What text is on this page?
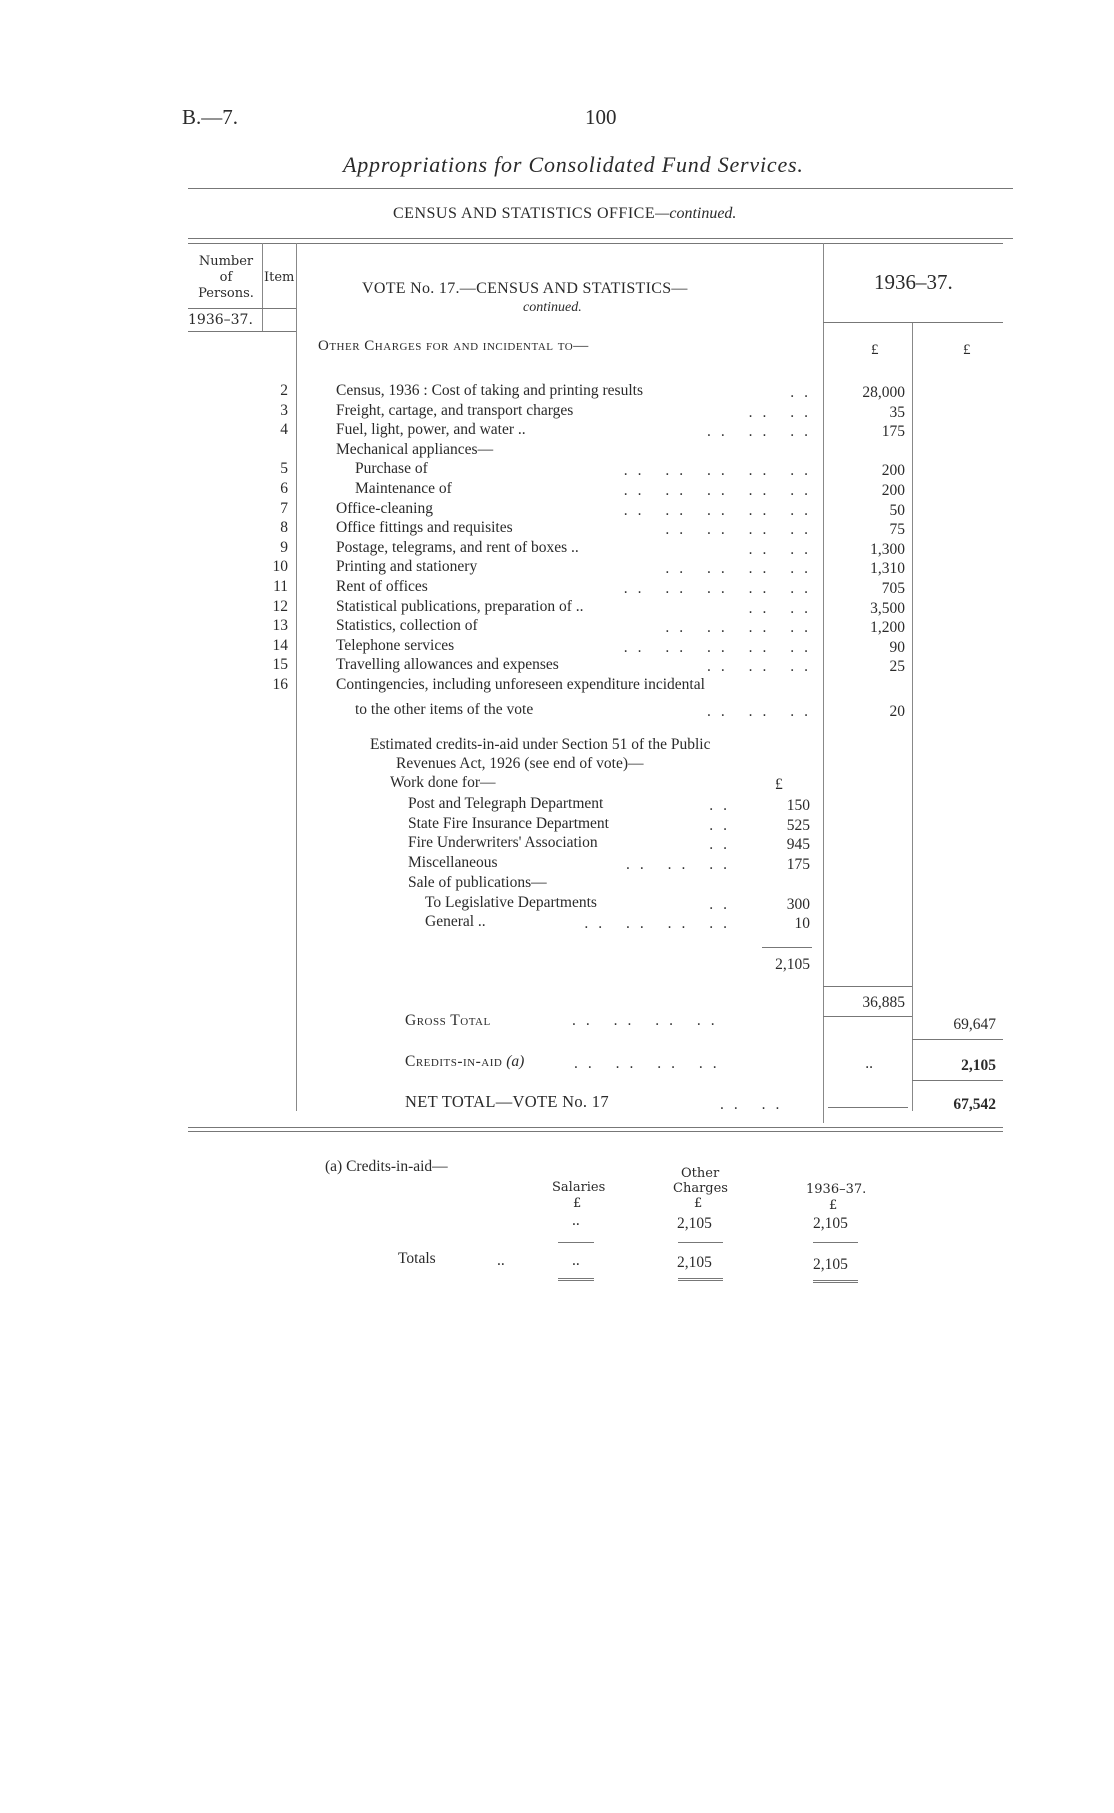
B.—7.	100
Appropriations for Consolidated Fund Services.
CENSUS AND STATISTICS OFFICE—continued.
Number
of
Persons.
Item
1936–37.
VOTE No. 17.—CENSUS AND STATISTICS—
continued.
1936–37.
£	£
Other Charges for and incidental to—
2	Census, 1936 : Cost of taking and printing results	..	28,000
3	Freight, cartage, and transport charges	.. ..	35
4	Fuel, light, power, and water ..	.. .. ..	175
Mechanical appliances—
5	Purchase of	.. .. .. .. ..	200
6	Maintenance of	.. .. .. .. ..	200
7	Office-cleaning	.. .. .. .. ..	50
8	Office fittings and requisites	.. .. .. ..	75
9	Postage, telegrams, and rent of boxes ..	.. ..	1,300
10	Printing and stationery	.. .. .. ..	1,310
11	Rent of offices	.. .. .. .. ..	705
12	Statistical publications, preparation of ..	.. ..	3,500
13	Statistics, collection of	.. .. .. ..	1,200
14	Telephone services	.. .. .. .. ..	90
15	Travelling allowances and expenses	.. .. ..	25
16	Contingencies, including unforeseen expenditure incidental
to the other items of the vote	.. .. ..	20
Estimated credits-in-aid under Section 51 of the Public
Revenues Act, 1926 (see end of vote)—
Work done for—	£
Post and Telegraph Department	..	150
State Fire Insurance Department	..	525
Fire Underwriters' Association	..	945
Miscellaneous	.. .. ..	175
Sale of publications—
To Legislative Departments	..	300
General ..	.. .. .. ..	10
2,105
36,885
Gross Total	.. .. .. ..	69,647
Credits-in-aid (a)	.. .. .. ..	..	2,105
NET TOTAL—VOTE No. 17	.. ..	67,542
(a) Credits-in-aid—
Salaries
Other
Charges	1936–37.
£	£	£
..	2,105	2,105
Totals	..	..	2,105	2,105
